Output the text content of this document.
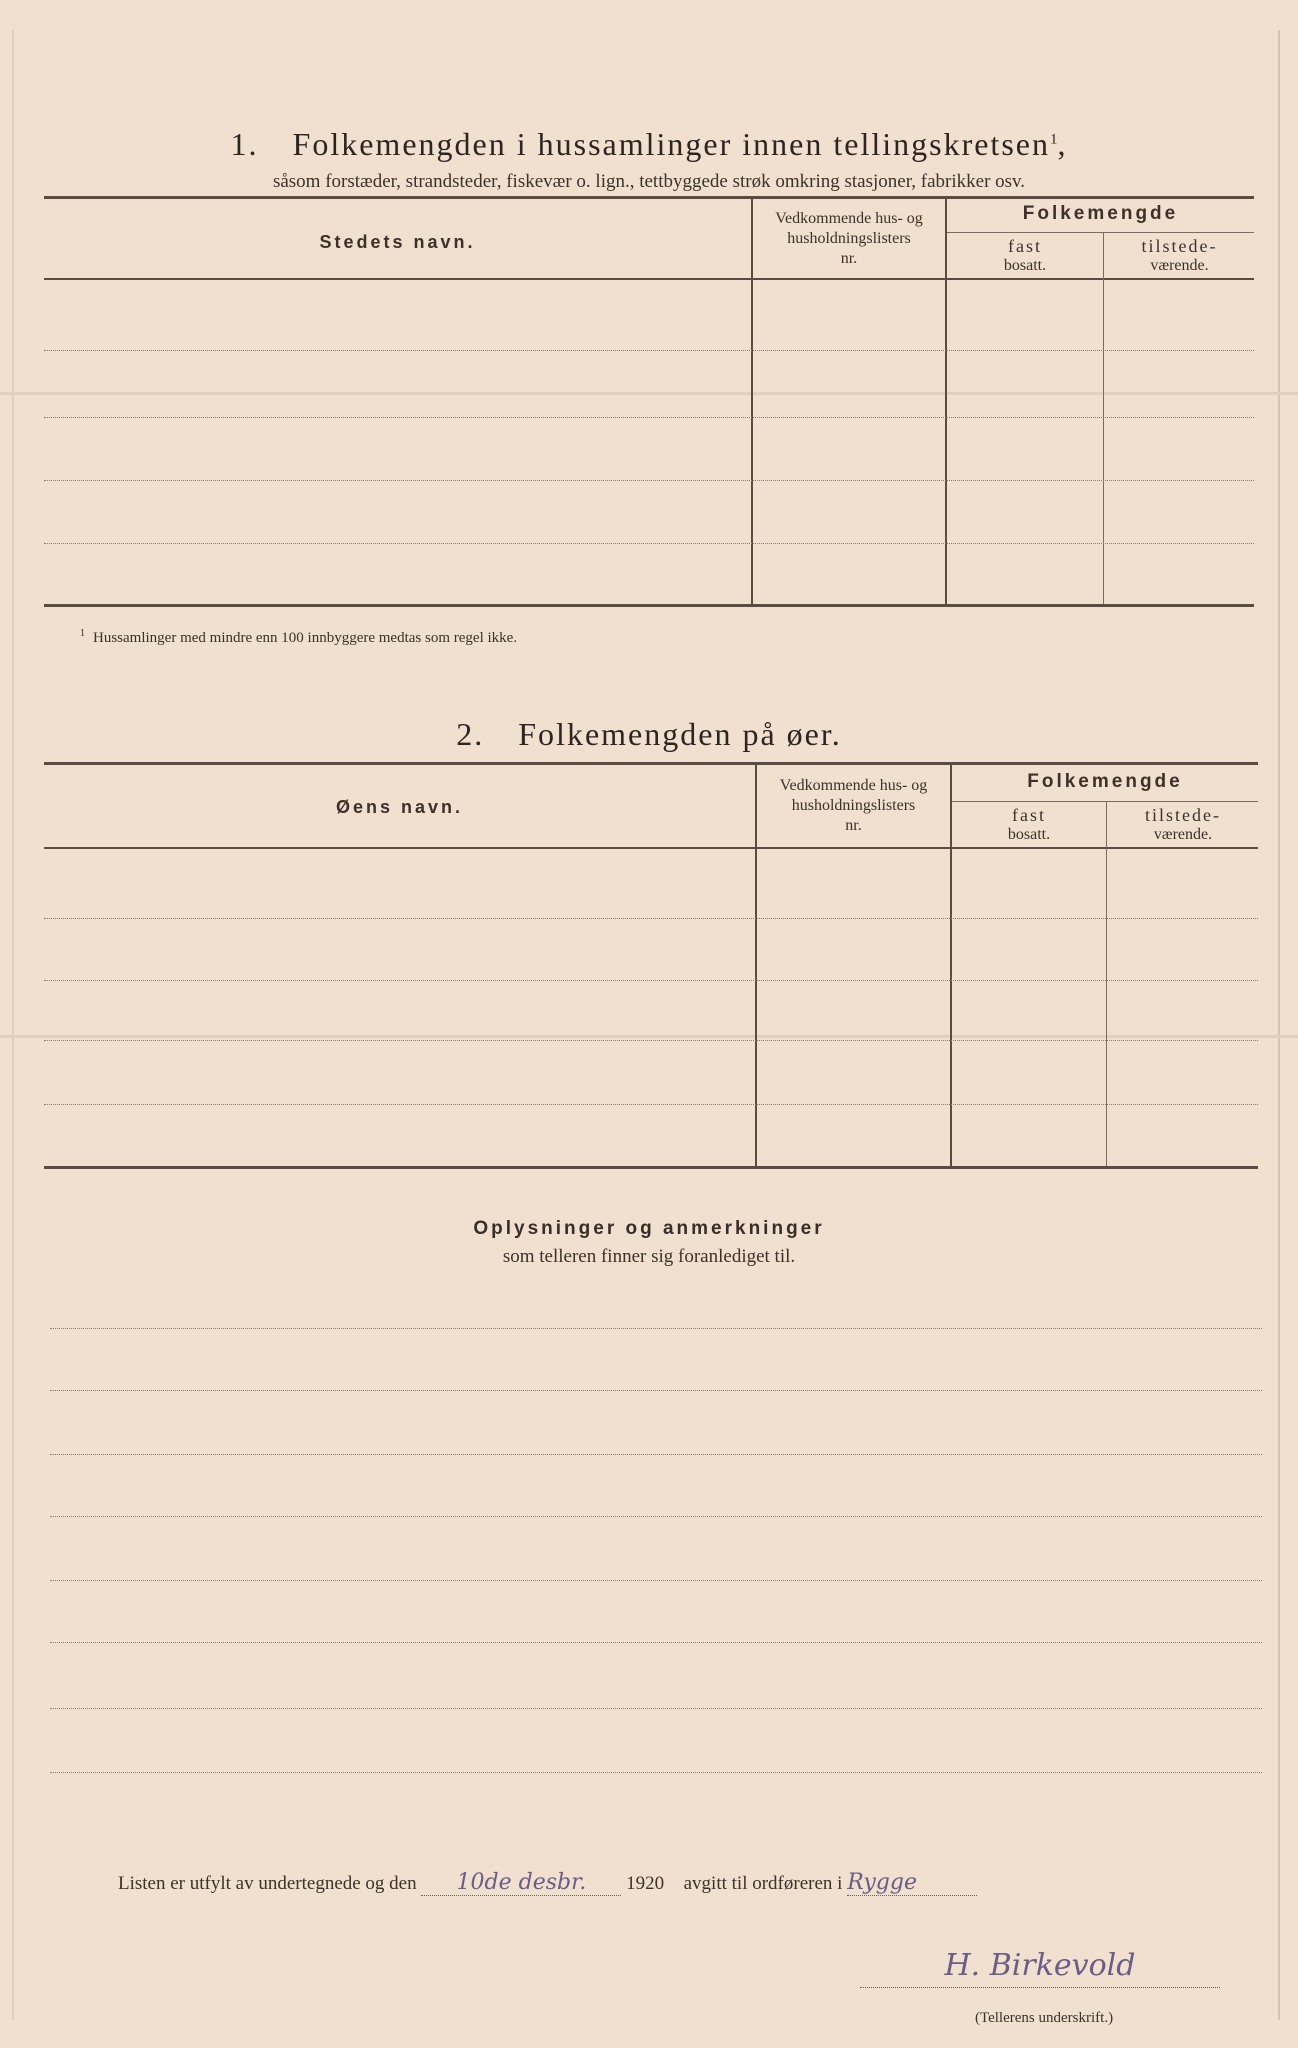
1. Folkemengden i hussamlinger innen tellingskretsen$^1$,
såsom forstæder, strandsteder, fiskevær o. lign., tettbyggede strøk omkring stasjoner, fabrikker osv.
Stedets navn.
Vedkommende hus- og
husholdningslisters
nr.
Folkemengde
fast
bosatt.
tilstede-
værende.
$^1$ Hussamlinger med mindre enn 100 innbyggere medtas som regel ikke.
2. Folkemengden på øer.
Øens navn.
Vedkommende hus- og
husholdningslisters
nr.
Folkemengde
fast
bosatt.
tilstede-
værende.
Oplysninger og anmerkninger
som telleren finner sig foranlediget til.
Listen er utfylt av undertegnede og den 10de desbr. 1920 avgitt til ordføreren i Rygge
H. Birkevold
(Tellerens underskrift.)
